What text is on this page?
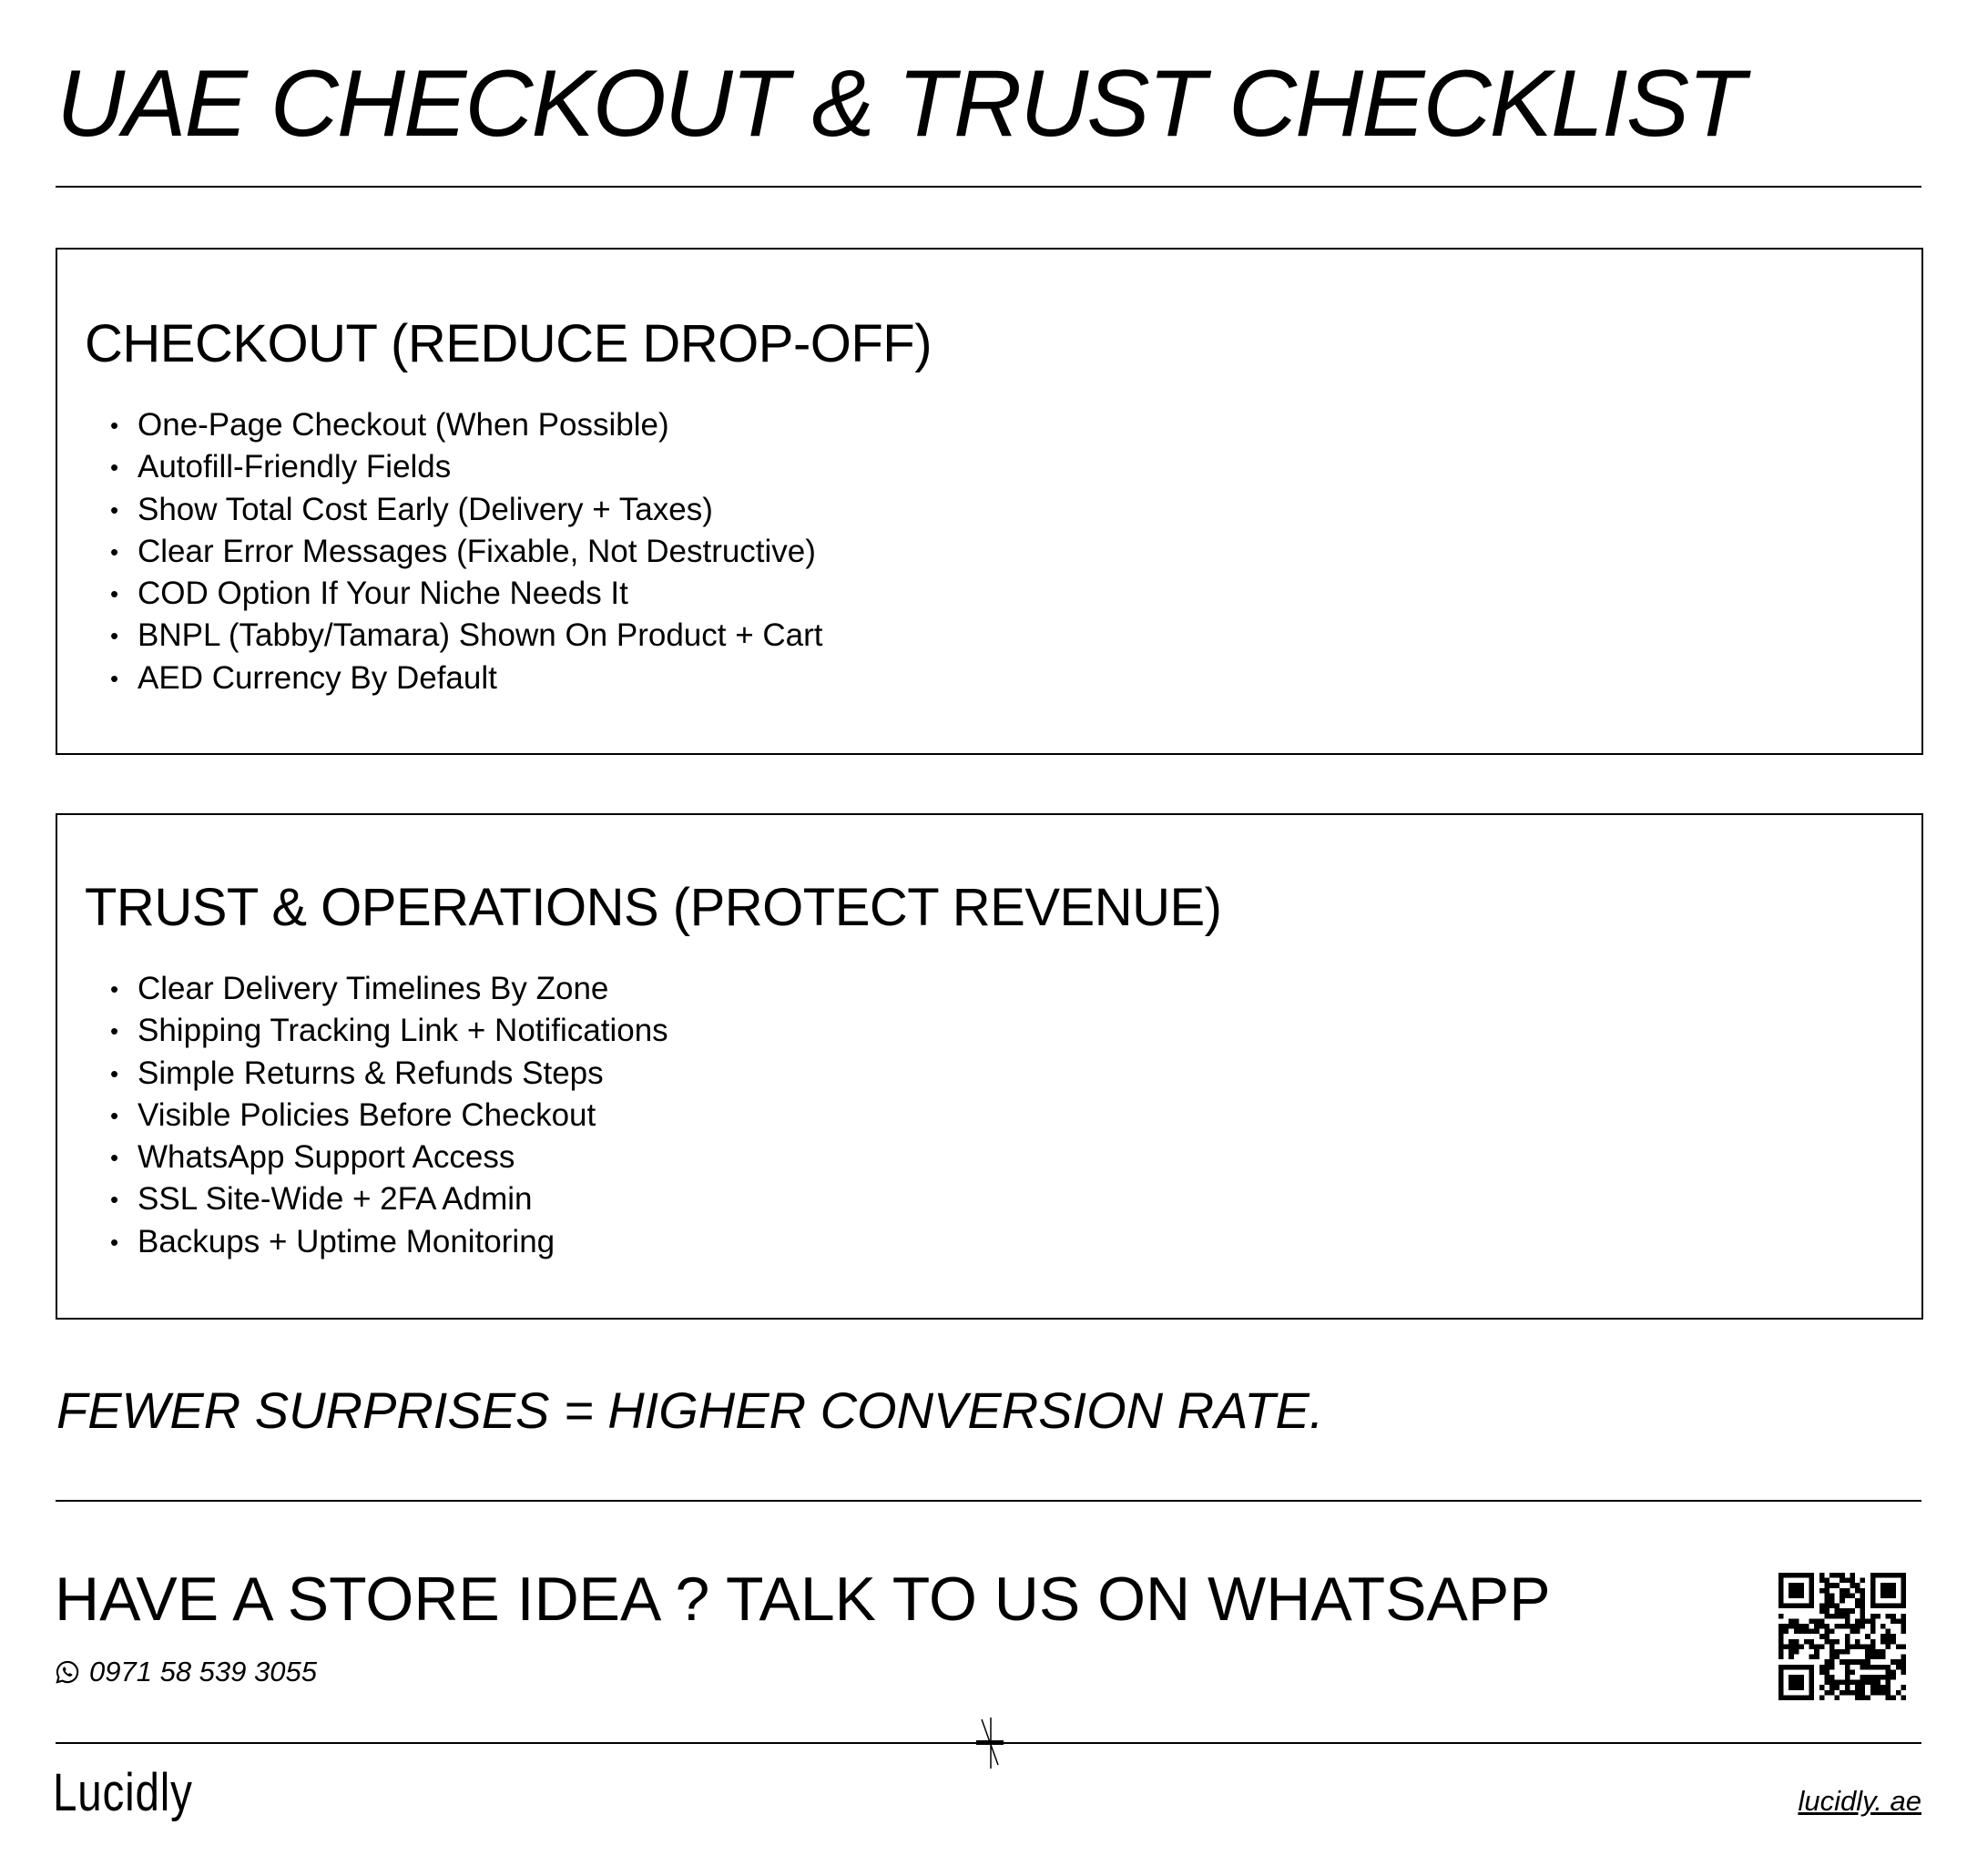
UAE CHECKOUT & TRUST CHECKLIST
CHECKOUT (REDUCE DROP-OFF)
• One-Page Checkout (When Possible)
• Autofill-Friendly Fields
• Show Total Cost Early (Delivery + Taxes)
• Clear Error Messages (Fixable, Not Destructive)
• COD Option If Your Niche Needs It
• BNPL (Tabby/Tamara) Shown On Product + Cart
• AED Currency By Default
TRUST & OPERATIONS (PROTECT REVENUE)
• Clear Delivery Timelines By Zone
• Shipping Tracking Link + Notifications
• Simple Returns & Refunds Steps
• Visible Policies Before Checkout
• WhatsApp Support Access
• SSL Site-Wide + 2FA Admin
• Backups + Uptime Monitoring
FEWER SURPRISES = HIGHER CONVERSION RATE.
HAVE A STORE IDEA ? TALK TO US ON WHATSAPP
0971 58 539 3055
Lucidly	lucidly. ae
